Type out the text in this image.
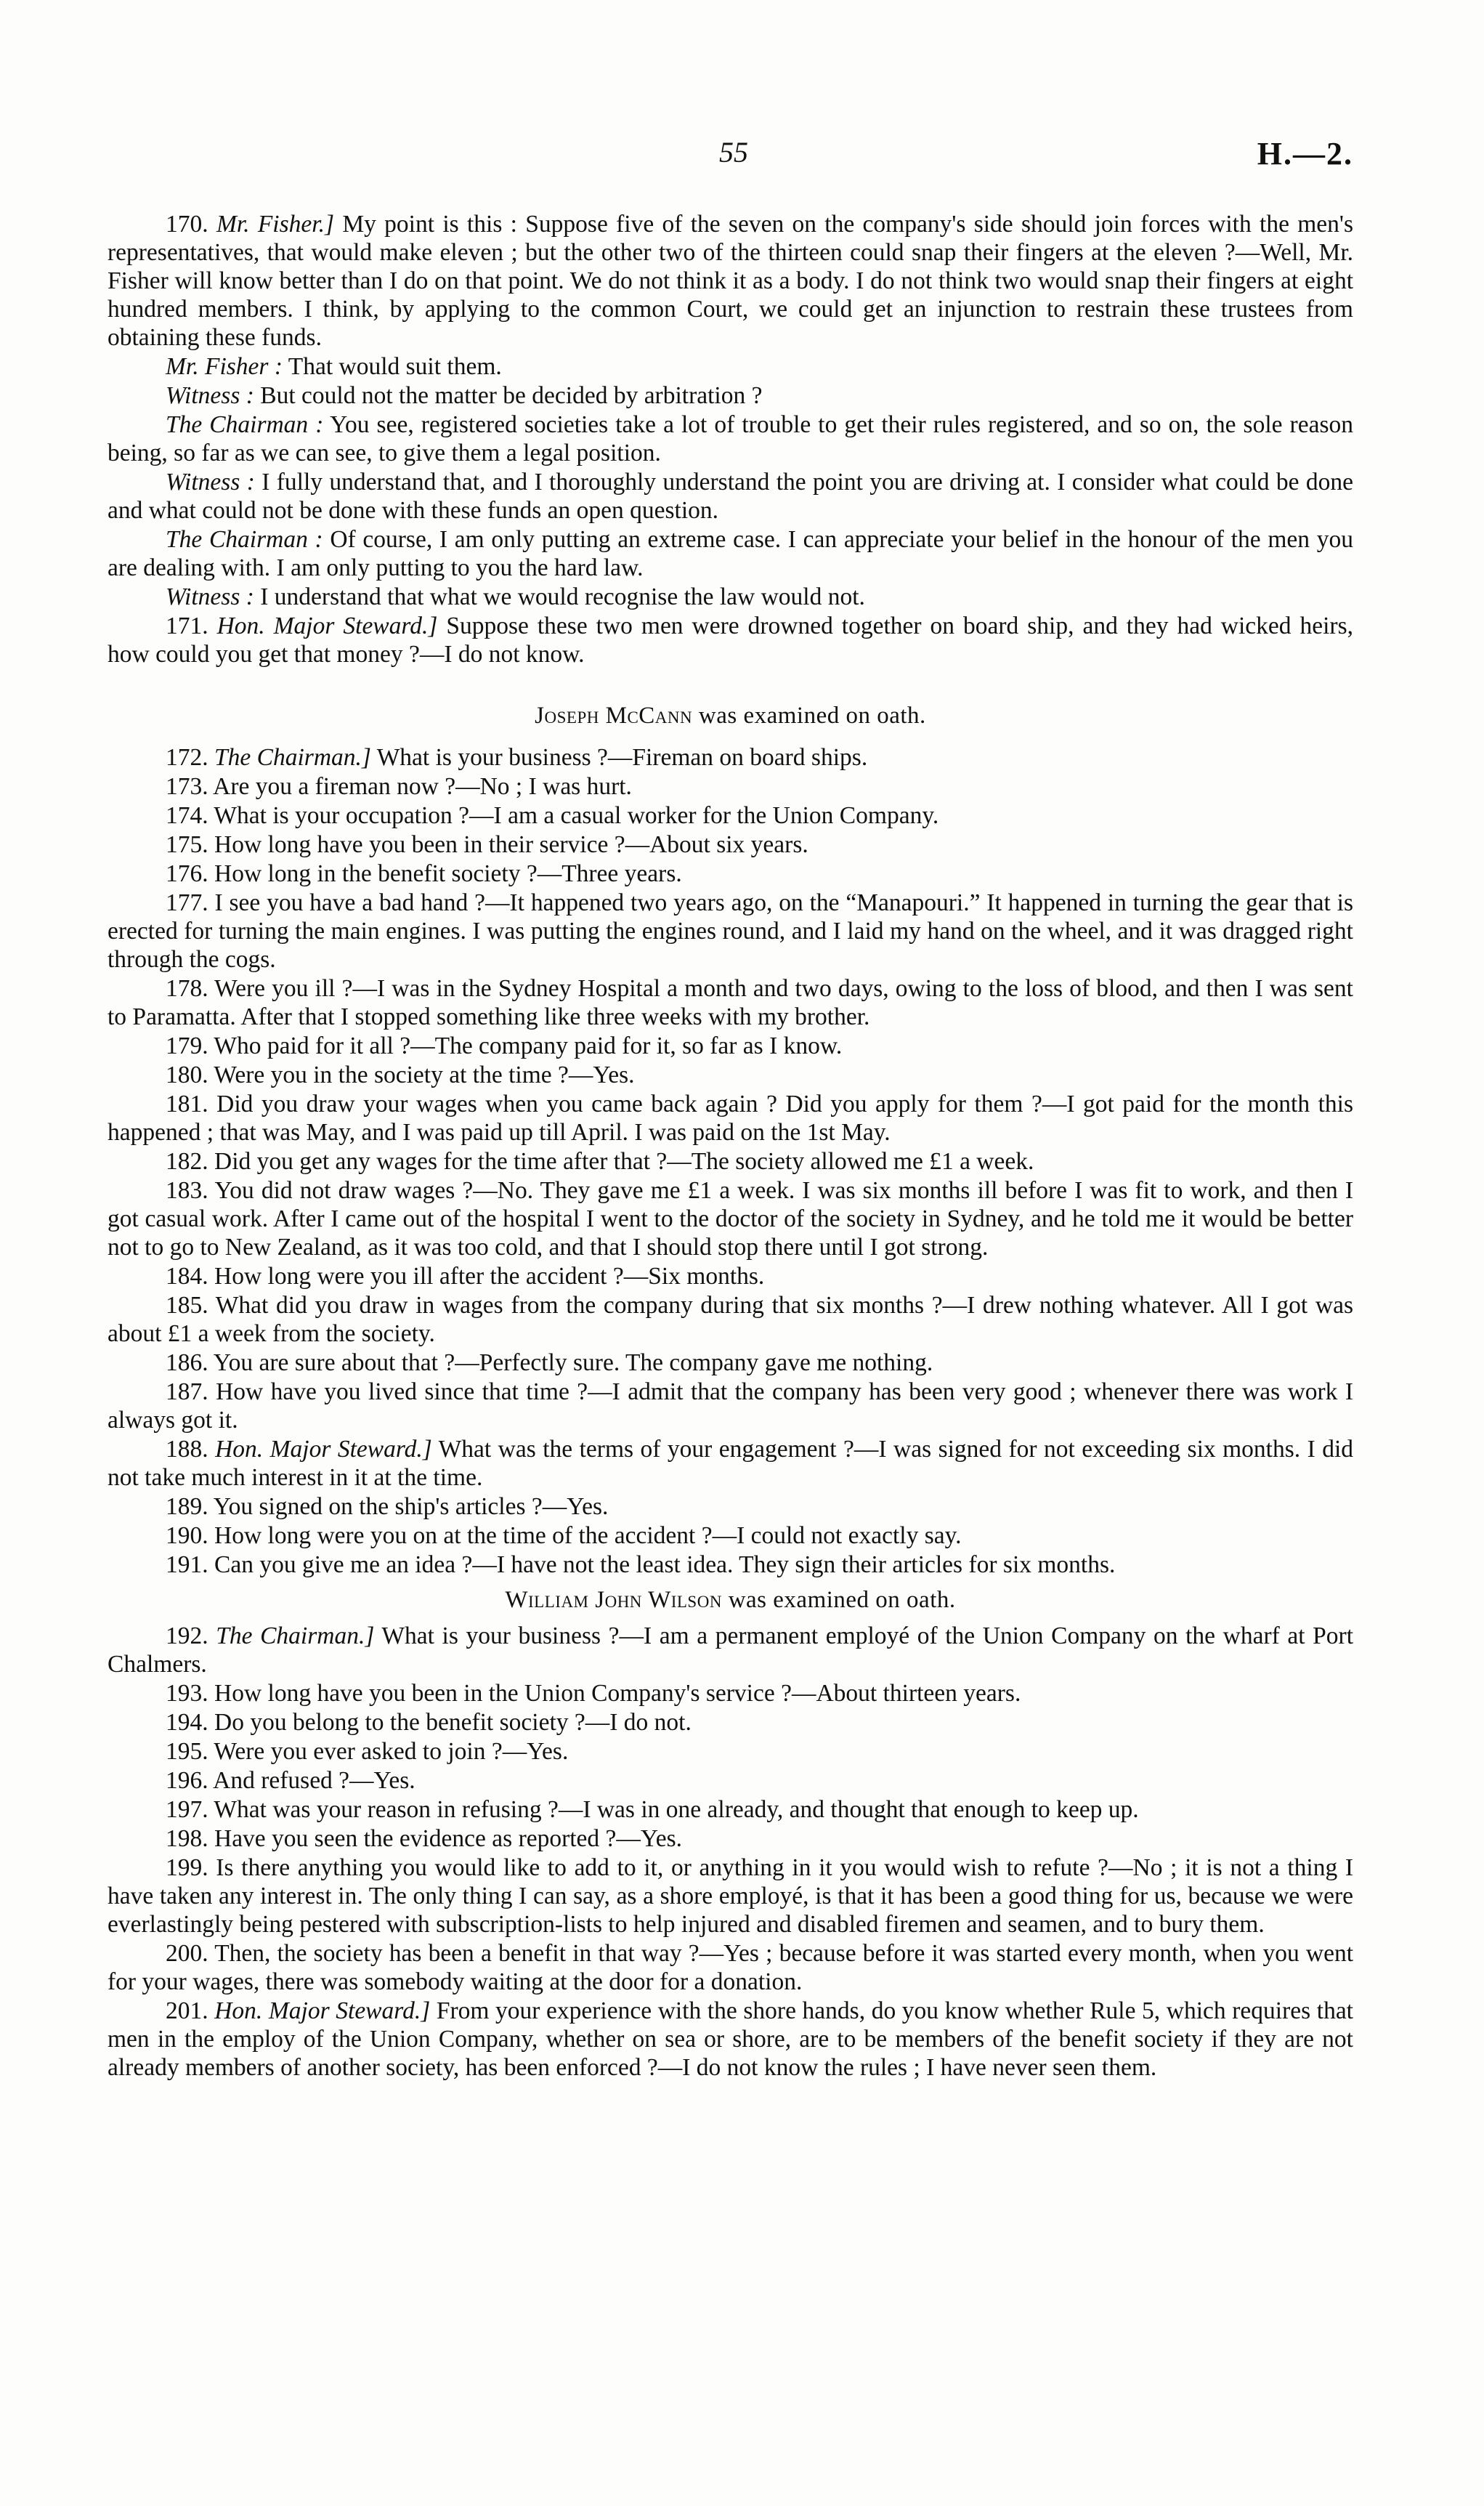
55	H.—2.

170. Mr. Fisher.] My point is this : Suppose five of the seven on the company's side should join forces with the men's representatives, that would make eleven ; but the other two of the thirteen could snap their fingers at the eleven ?—Well, Mr. Fisher will know better than I do on that point. We do not think it as a body. I do not think two would snap their fingers at eight hundred members. I think, by applying to the common Court, we could get an injunction to restrain these trustees from obtaining these funds.

Mr. Fisher : That would suit them.

Witness : But could not the matter be decided by arbitration ?

The Chairman : You see, registered societies take a lot of trouble to get their rules registered, and so on, the sole reason being, so far as we can see, to give them a legal position.

Witness : I fully understand that, and I thoroughly understand the point you are driving at. I consider what could be done and what could not be done with these funds an open question.

The Chairman : Of course, I am only putting an extreme case. I can appreciate your belief in the honour of the men you are dealing with. I am only putting to you the hard law.

Witness : I understand that what we would recognise the law would not.

171. Hon. Major Steward.] Suppose these two men were drowned together on board ship, and they had wicked heirs, how could you get that money ?—I do not know.

Joseph McCann was examined on oath.

172. The Chairman.] What is your business ?—Fireman on board ships.

173. Are you a fireman now ?—No ; I was hurt.

174. What is your occupation ?—I am a casual worker for the Union Company.

175. How long have you been in their service ?—About six years.

176. How long in the benefit society ?—Three years.

177. I see you have a bad hand ?—It happened two years ago, on the “Manapouri.” It happened in turning the gear that is erected for turning the main engines. I was putting the engines round, and I laid my hand on the wheel, and it was dragged right through the cogs.

178. Were you ill ?—I was in the Sydney Hospital a month and two days, owing to the loss of blood, and then I was sent to Paramatta. After that I stopped something like three weeks with my brother.

179. Who paid for it all ?—The company paid for it, so far as I know.

180. Were you in the society at the time ?—Yes.

181. Did you draw your wages when you came back again ? Did you apply for them ?—I got paid for the month this happened ; that was May, and I was paid up till April. I was paid on the 1st May.

182. Did you get any wages for the time after that ?—The society allowed me £1 a week.

183. You did not draw wages ?—No. They gave me £1 a week. I was six months ill before I was fit to work, and then I got casual work. After I came out of the hospital I went to the doctor of the society in Sydney, and he told me it would be better not to go to New Zealand, as it was too cold, and that I should stop there until I got strong.

184. How long were you ill after the accident ?—Six months.

185. What did you draw in wages from the company during that six months ?—I drew nothing whatever. All I got was about £1 a week from the society.

186. You are sure about that ?—Perfectly sure. The company gave me nothing.

187. How have you lived since that time ?—I admit that the company has been very good ; whenever there was work I always got it.

188. Hon. Major Steward.] What was the terms of your engagement ?—I was signed for not exceeding six months. I did not take much interest in it at the time.

189. You signed on the ship's articles ?—Yes.

190. How long were you on at the time of the accident ?—I could not exactly say.

191. Can you give me an idea ?—I have not the least idea. They sign their articles for six months.

William John Wilson was examined on oath.

192. The Chairman.] What is your business ?—I am a permanent employé of the Union Company on the wharf at Port Chalmers.

193. How long have you been in the Union Company's service ?—About thirteen years.

194. Do you belong to the benefit society ?—I do not.

195. Were you ever asked to join ?—Yes.

196. And refused ?—Yes.

197. What was your reason in refusing ?—I was in one already, and thought that enough to keep up.

198. Have you seen the evidence as reported ?—Yes.

199. Is there anything you would like to add to it, or anything in it you would wish to refute ?—No ; it is not a thing I have taken any interest in. The only thing I can say, as a shore employé, is that it has been a good thing for us, because we were everlastingly being pestered with subscription-lists to help injured and disabled firemen and seamen, and to bury them.

200. Then, the society has been a benefit in that way ?—Yes ; because before it was started every month, when you went for your wages, there was somebody waiting at the door for a donation.

201. Hon. Major Steward.] From your experience with the shore hands, do you know whether Rule 5, which requires that men in the employ of the Union Company, whether on sea or shore, are to be members of the benefit society if they are not already members of another society, has been enforced ?—I do not know the rules ; I have never seen them.
